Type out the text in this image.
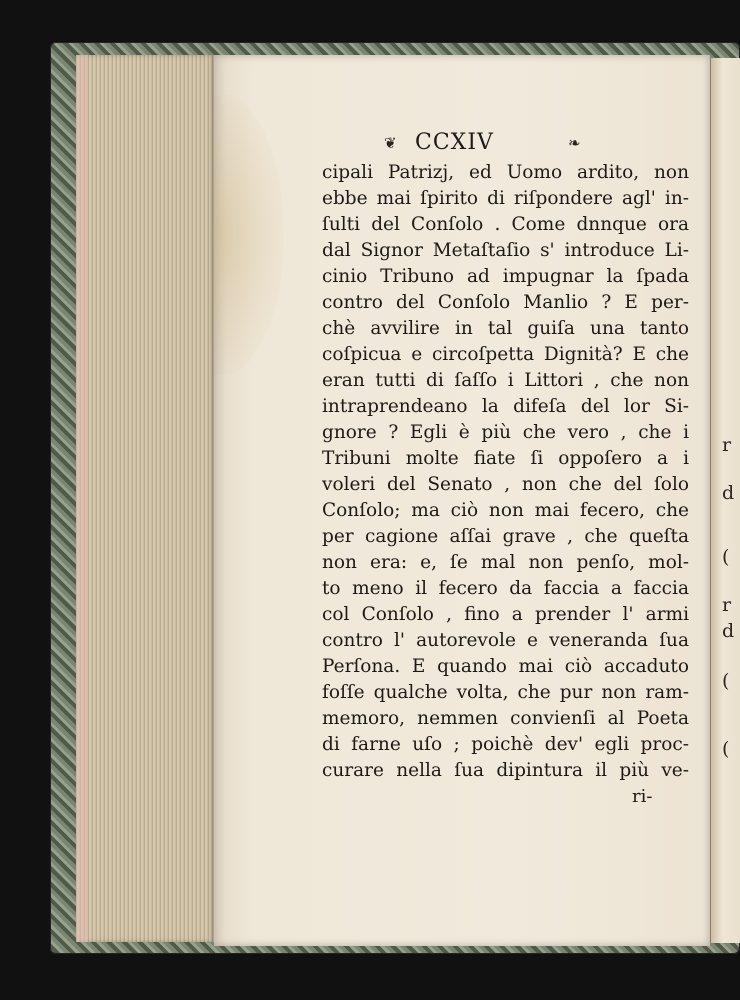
r
d
(
r
d
(
(
❦ CCXIV	❧
cipali Patrizj, ed Uomo ardito, non
ebbe mai ſpirito di riſpondere agl' in-
ſulti del Conſolo . Come dnnque ora
dal Signor Metaſtaſio s' introduce Li-
cinio Tribuno ad impugnar la ſpada
contro del Conſolo Manlio ? E per-
chè avvilire in tal guiſa una tanto
coſpicua e circoſpetta Dignità? E che
eran tutti di ſaſſo i Littori , che non
intraprendeano la difeſa del lor Si-
gnore ? Egli è più che vero , che i
Tribuni molte fiate ſi oppoſero a i
voleri del Senato , non che del ſolo
Conſolo; ma ciò non mai fecero, che
per cagione aſſai grave , che queſta
non era: e, ſe mal non penſo, mol-
to meno il fecero da faccia a faccia
col Conſolo , fino a prender l' armi
contro l' autorevole e veneranda ſua
Perſona. E quando mai ciò accaduto
foſſe qualche volta, che pur non ram-
memoro, nemmen convienſi al Poeta
di farne uſo ; poichè dev' egli proc-
curare nella ſua dipintura il più ve-
ri-
